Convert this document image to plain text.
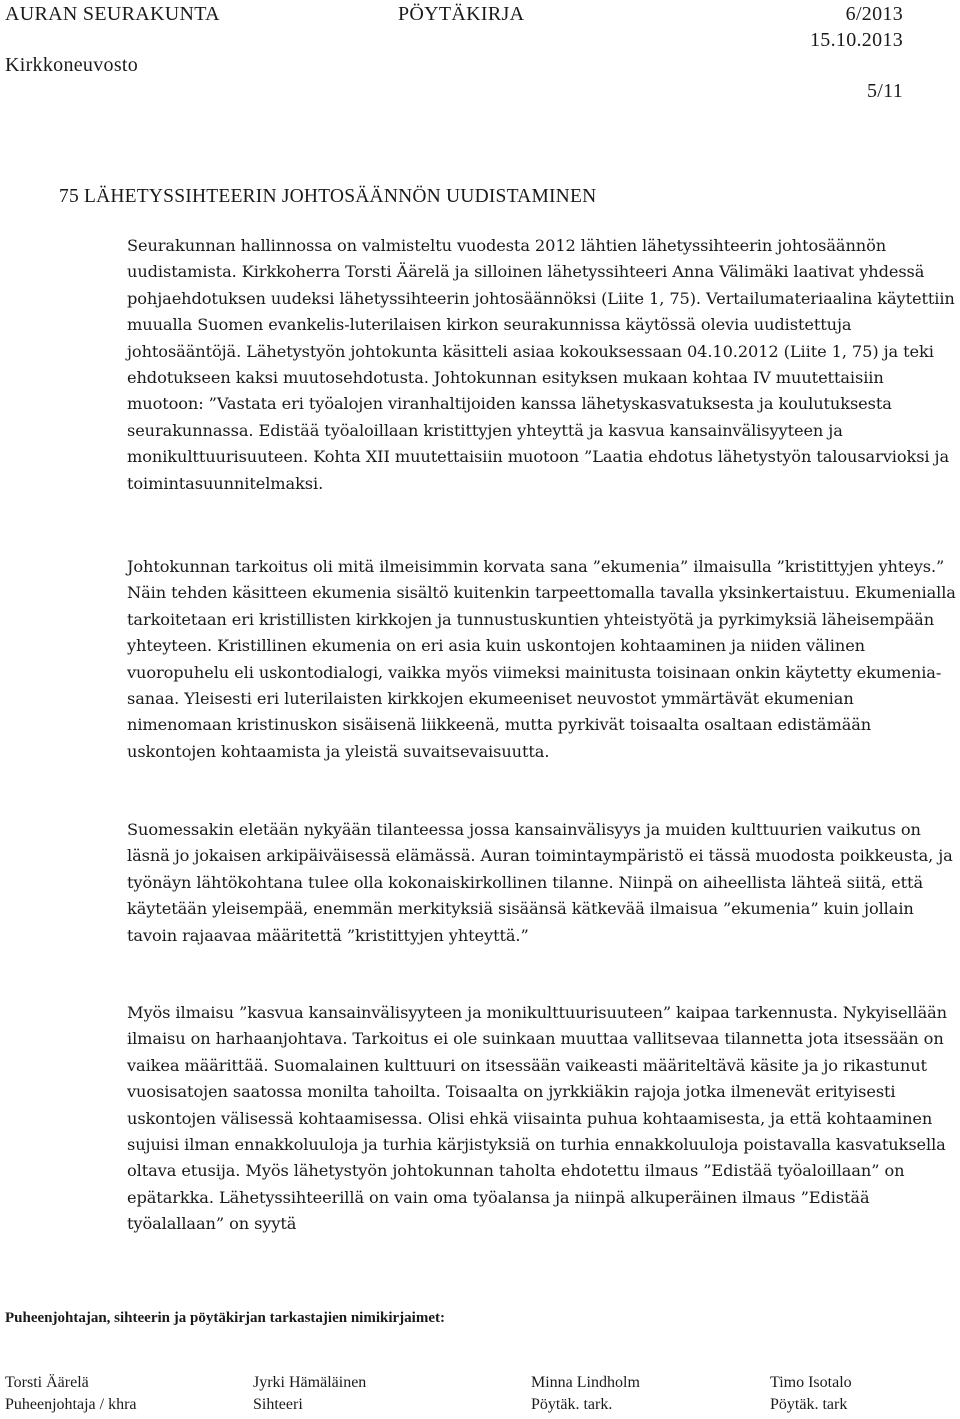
AURAN SEURAKUNTA	PÖYTÄKIRJA	6/2013
15.10.2013
Kirkkoneuvosto
5/11
75 LÄHETYSSIHTEERIN JOHTOSÄÄNNÖN UUDISTAMINEN

Seurakunnan hallinnossa on valmisteltu vuodesta 2012 lähtien lähetyssihteerin johtosäännön uudistamista. Kirkkoherra Torsti Äärelä ja silloinen lähetyssihteeri Anna Välimäki laativat yhdessä pohjaehdotuksen uudeksi lähetyssihteerin johtosäännöksi (Liite 1, 75). Vertailumateriaalina käytettiin muualla Suomen evankelis-luterilaisen kirkon seurakunnissa käytössä olevia uudistettuja johtosääntöjä. Lähetystyön johtokunta käsitteli asiaa kokouksessaan 04.10.2012 (Liite 1, 75) ja teki ehdotukseen kaksi muutosehdotusta. Johtokunnan esityksen mukaan kohtaa IV muutettaisiin muotoon: ”Vastata eri työalojen viranhaltijoiden kanssa lähetyskasvatuksesta ja koulutuksesta seurakunnassa. Edistää työaloillaan kristittyjen yhteyttä ja kasvua kansainvälisyyteen ja monikulttuurisuuteen. Kohta XII muutettaisiin muotoon ”Laatia ehdotus lähetystyön talousarvioksi ja toimintasuunnitelmaksi.

Johtokunnan tarkoitus oli mitä ilmeisimmin korvata sana ”ekumenia” ilmaisulla ”kristittyjen yhteys.” Näin tehden käsitteen ekumenia sisältö kuitenkin tarpeettomalla tavalla yksinkertaistuu. Ekumenialla tarkoitetaan eri kristillisten kirkkojen ja tunnustuskuntien yhteistyötä ja pyrkimyksiä läheisempään yhteyteen. Kristillinen ekumenia on eri asia kuin uskontojen kohtaaminen ja niiden välinen vuoropuhelu eli uskontodialogi, vaikka myös viimeksi mainitusta toisinaan onkin käytetty ekumenia-sanaa. Yleisesti eri luterilaisten kirkkojen ekumeeniset neuvostot ymmärtävät ekumenian nimenomaan kristinuskon sisäisenä liikkeenä, mutta pyrkivät toisaalta osaltaan edistämään uskontojen kohtaamista ja yleistä suvaitsevaisuutta.

Suomessakin eletään nykyään tilanteessa jossa kansainvälisyys ja muiden kulttuurien vaikutus on läsnä jo jokaisen arkipäiväisessä elämässä. Auran toimintaympäristö ei tässä muodosta poikkeusta, ja työnäyn lähtökohtana tulee olla kokonaiskirkollinen tilanne. Niinpä on aiheellista lähteä siitä, että käytetään yleisempää, enemmän merkityksiä sisäänsä kätkevää ilmaisua ”ekumenia” kuin jollain tavoin rajaavaa määritettä ”kristittyjen yhteyttä.”

Myös ilmaisu ”kasvua kansainvälisyyteen ja monikulttuurisuuteen” kaipaa tarkennusta. Nykyisellään ilmaisu on harhaanjohtava. Tarkoitus ei ole suinkaan muuttaa vallitsevaa tilannetta jota itsessään on vaikea määrittää. Suomalainen kulttuuri on itsessään vaikeasti määriteltävä käsite ja jo rikastunut vuosisatojen saatossa monilta tahoilta. Toisaalta on jyrkkiäkin rajoja jotka ilmenevät erityisesti uskontojen välisessä kohtaamisessa. Olisi ehkä viisainta puhua kohtaamisesta, ja että kohtaaminen sujuisi ilman ennakkoluuloja ja turhia kärjistyksiä on turhia ennakkoluuloja poistavalla kasvatuksella oltava etusija. Myös lähetystyön johtokunnan taholta ehdotettu ilmaus ”Edistää työaloillaan” on epätarkka. Lähetyssihteerillä on vain oma työalansa ja niinpä alkuperäinen ilmaus ”Edistää työalallaan” on syytä

Puheenjohtajan, sihteerin ja pöytäkirjan tarkastajien nimikirjaimet:
Torsti Äärelä
Puheenjohtaja / khra
Jyrki Hämäläinen
Sihteeri
Minna Lindholm
Pöytäk. tark.
Timo Isotalo
Pöytäk. tark
